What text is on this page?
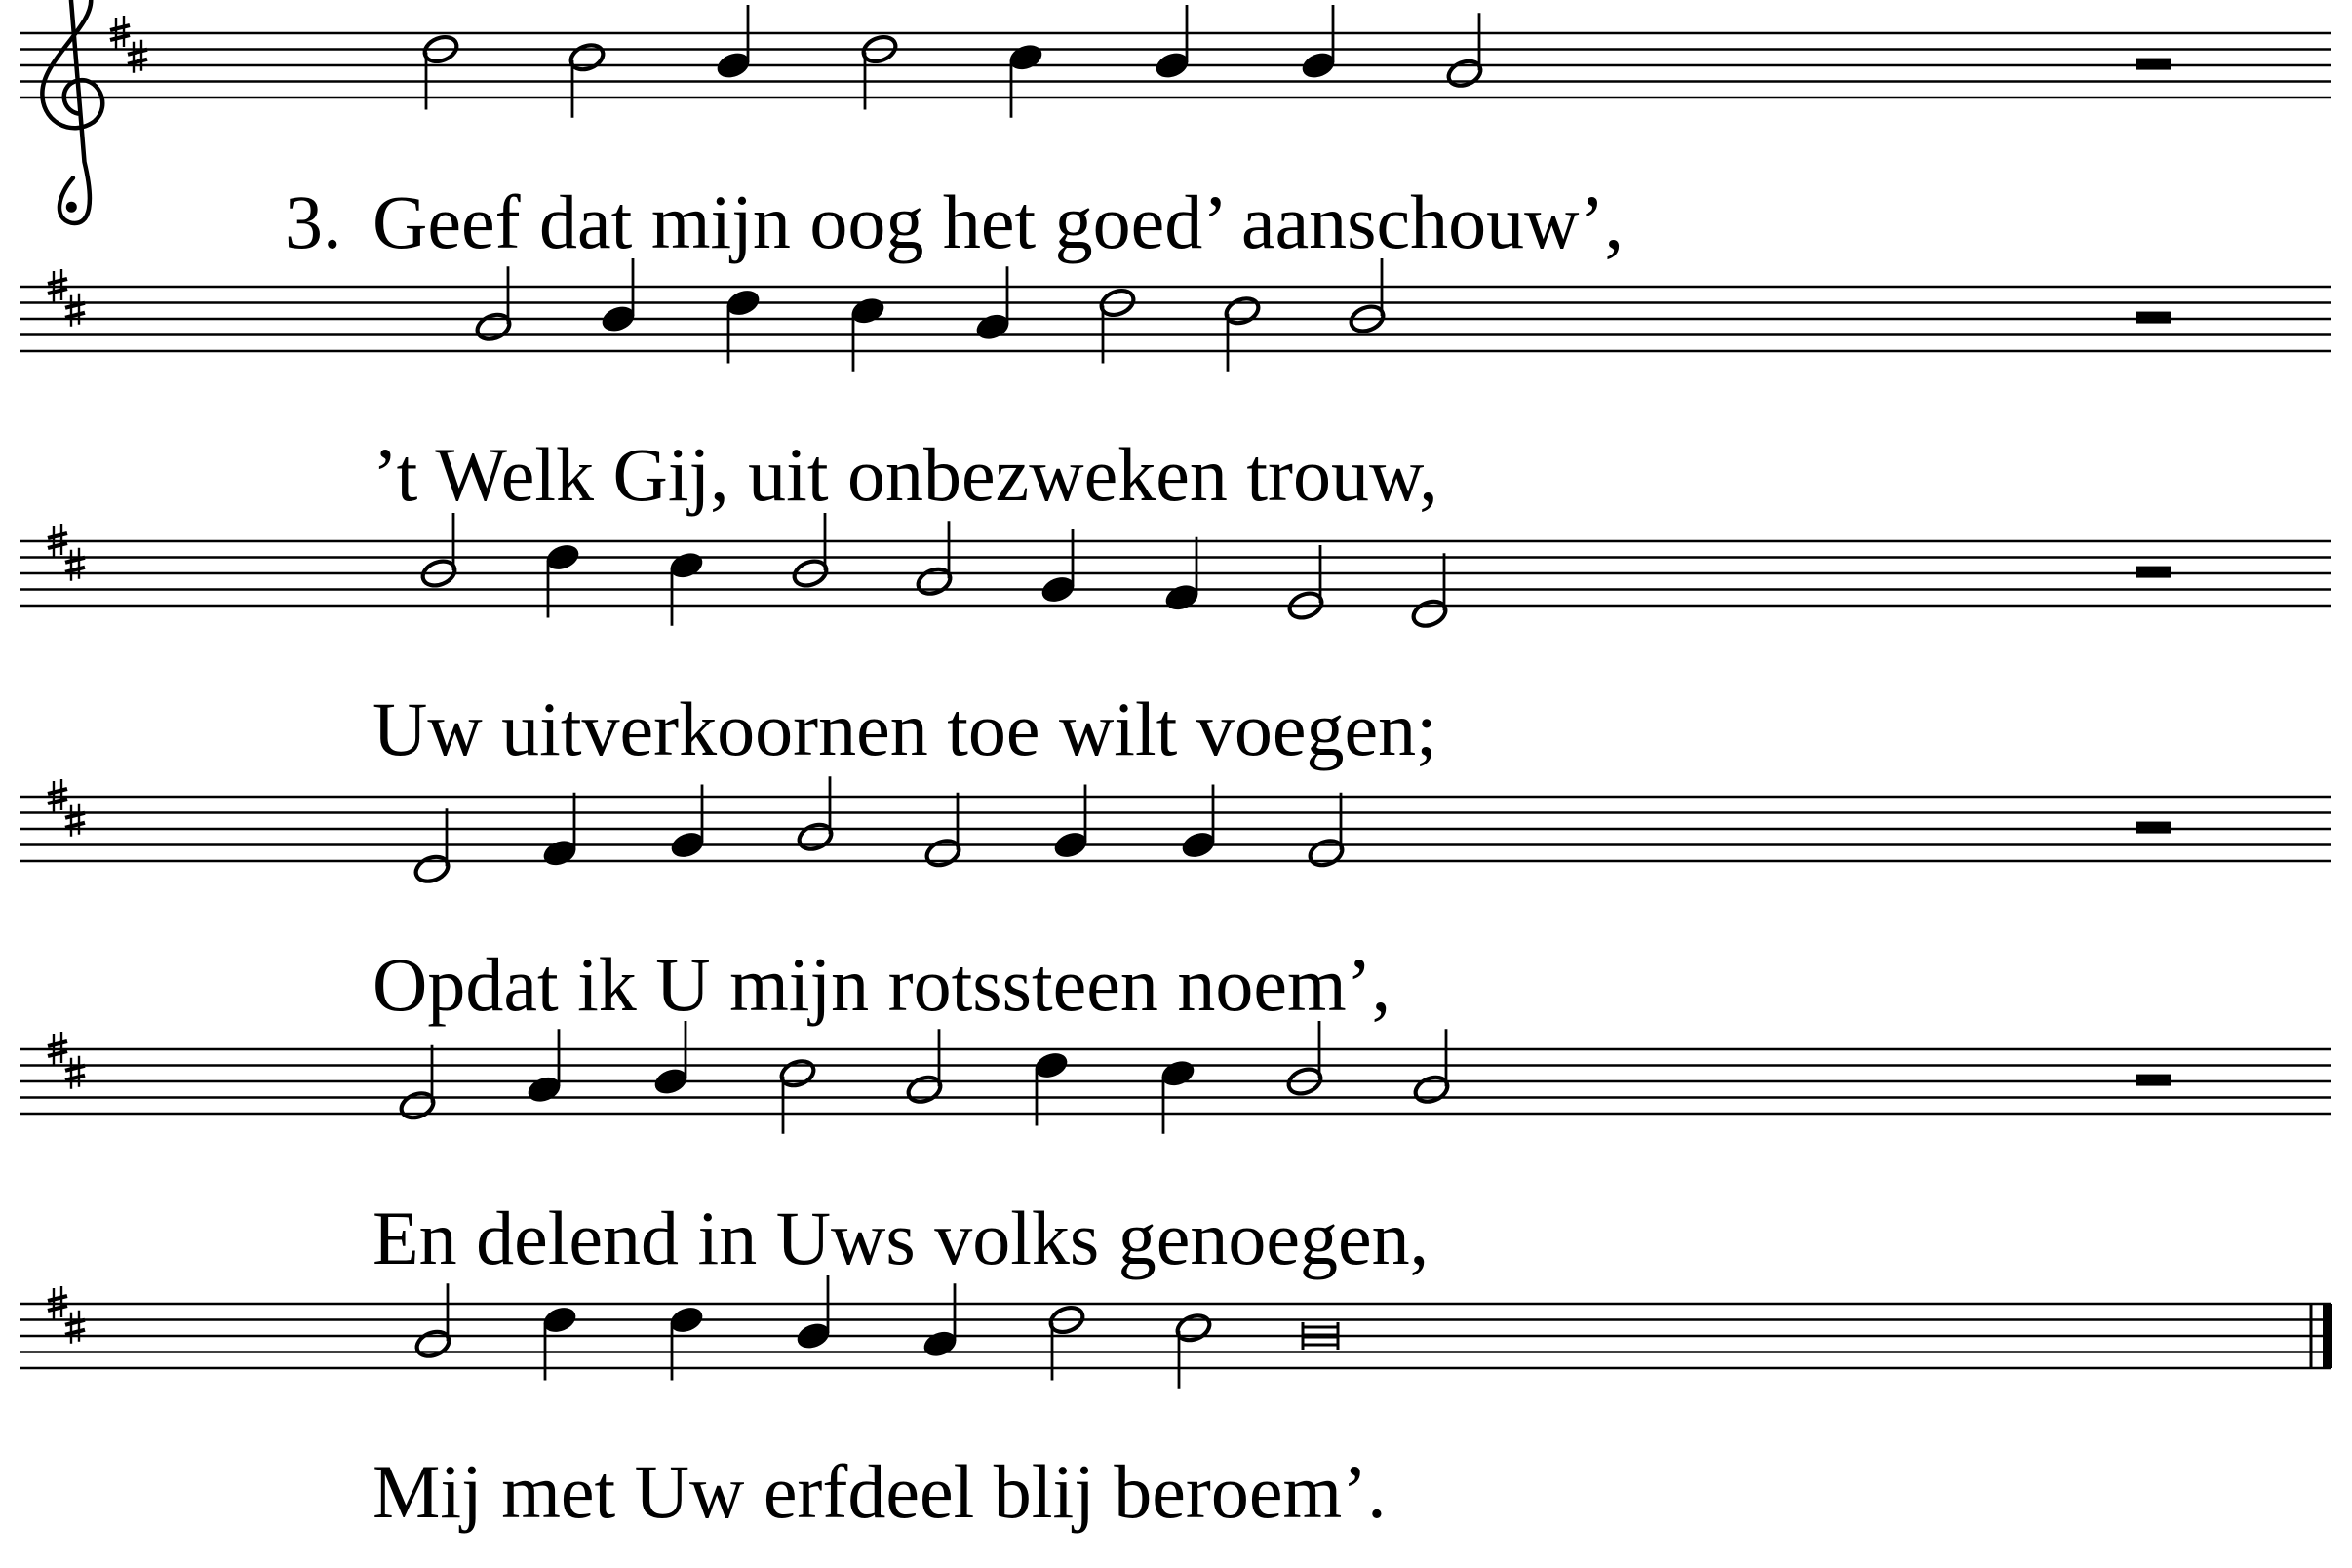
3. Geef dat mijn oog het goed’ aanschouw’,
’t Welk Gij, uit onbezweken trouw,
Uw uitverkoornen toe wilt voegen;
Opdat ik U mijn rotssteen noem’,
En delend in Uws volks genoegen,
Mij met Uw erfdeel blij beroem’.
